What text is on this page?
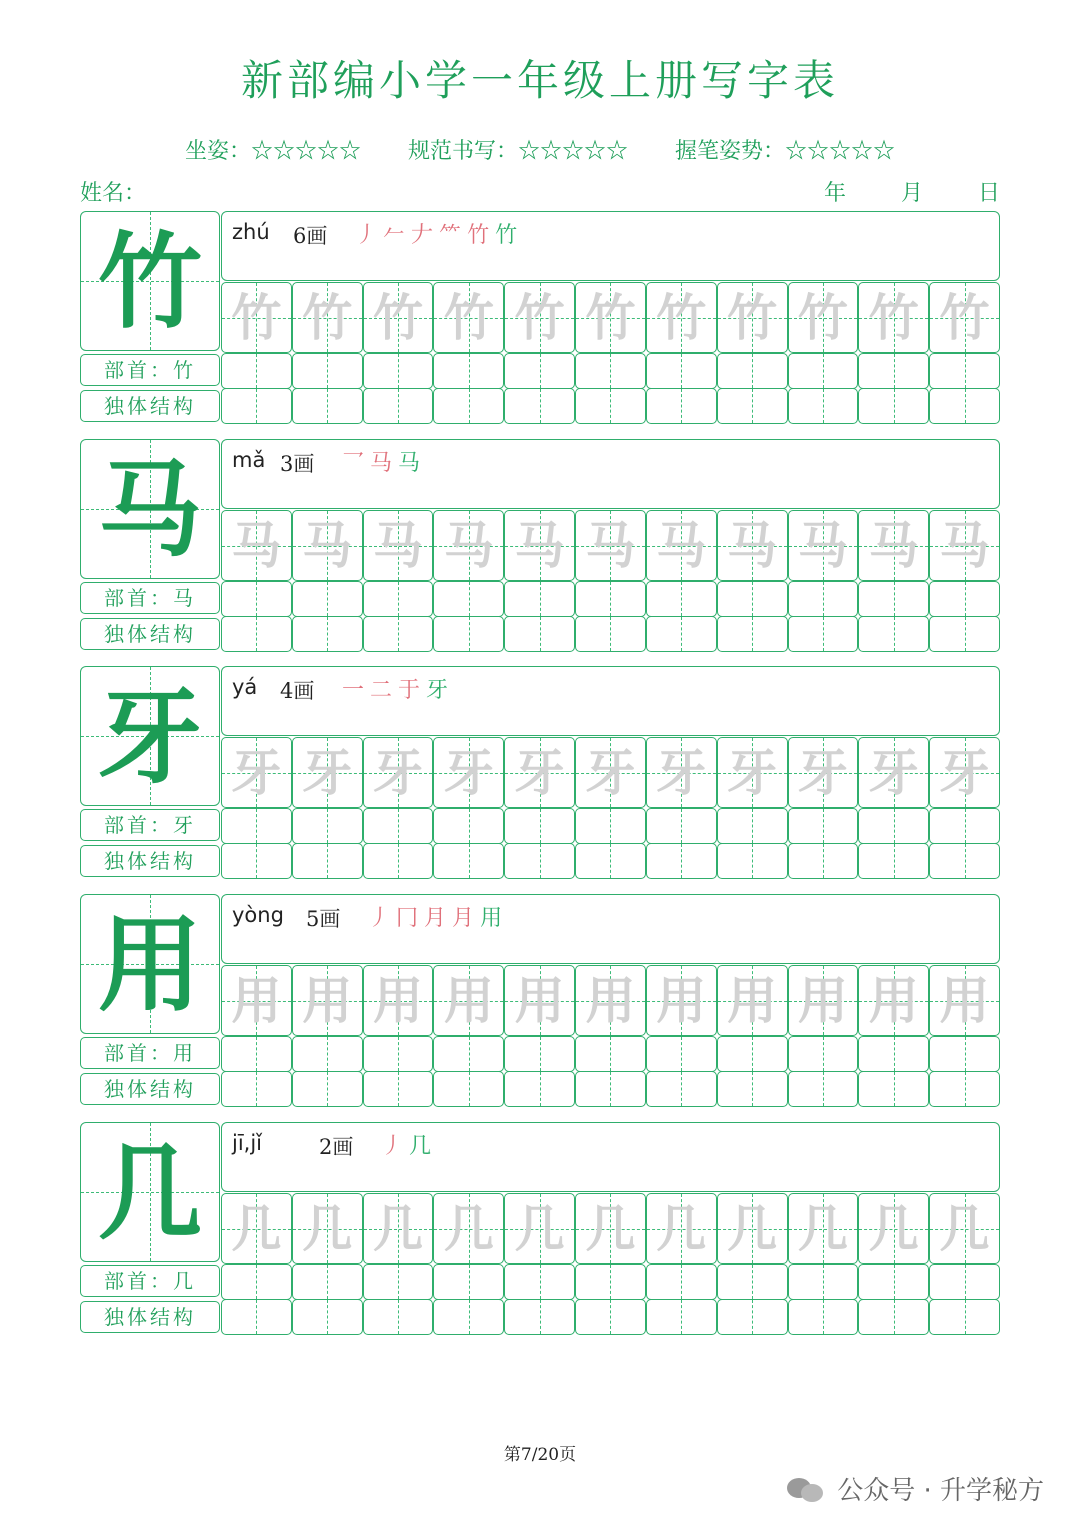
新部编小学一年级上册写字表
坐姿：☆☆☆☆☆ 规范书写：☆☆☆☆☆ 握笔姿势：☆☆☆☆☆
姓名：	年	月	日
竹
部首：竹
独体结构
zhú 6画 丿𠂉𠂇⺮竹竹
竹 竹 竹 竹 竹 竹 竹 竹 竹 竹 竹
马
部首：马
独体结构
mǎ 3画 乛马马
马 马 马 马 马 马 马 马 马 马 马
牙
部首：牙
独体结构
yá 4画 一二于牙
牙 牙 牙 牙 牙 牙 牙 牙 牙 牙 牙
用
部首：用
独体结构
yòng 5画 丿冂月月用
用 用 用 用 用 用 用 用 用 用 用
几
部首：几
独体结构
jī,jǐ	2画 丿几
几 几 几 几 几 几 几 几 几 几 几
第7/20页
公众号 · 升学秘方
